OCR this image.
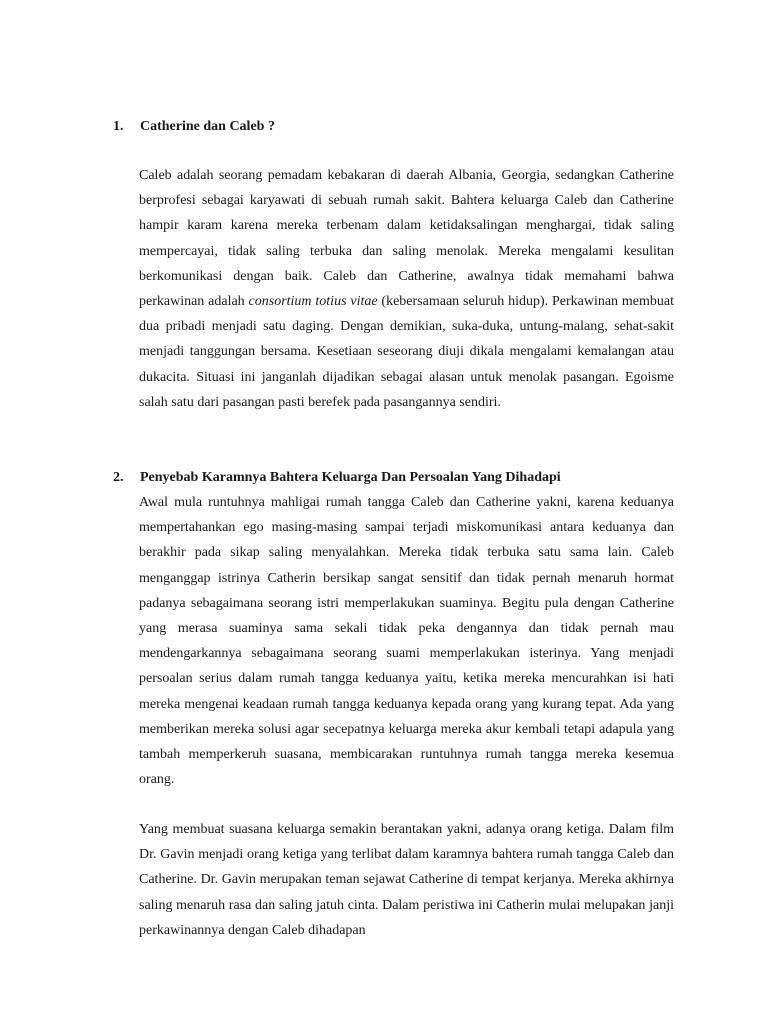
1. Catherine dan Caleb ?

Caleb adalah seorang pemadam kebakaran di daerah Albania, Georgia, sedangkan Catherine berprofesi sebagai karyawati di sebuah rumah sakit. Bahtera keluarga Caleb dan Catherine hampir karam karena mereka terbenam dalam ketidaksalingan menghargai, tidak saling mempercayai, tidak saling terbuka dan saling menolak. Mereka mengalami kesulitan berkomunikasi dengan baik. Caleb dan Catherine, awalnya tidak memahami bahwa perkawinan adalah consortium totius vitae (kebersamaan seluruh hidup). Perkawinan membuat dua pribadi menjadi satu daging. Dengan demikian, suka-duka, untung-malang, sehat-sakit menjadi tanggungan bersama. Kesetiaan seseorang diuji dikala mengalami kemalangan atau dukacita. Situasi ini janganlah dijadikan sebagai alasan untuk menolak pasangan. Egoisme salah satu dari pasangan pasti berefek pada pasangannya sendiri.

2. Penyebab Karamnya Bahtera Keluarga Dan Persoalan Yang Dihadapi

Awal mula runtuhnya mahligai rumah tangga Caleb dan Catherine yakni, karena keduanya mempertahankan ego masing-masing sampai terjadi miskomunikasi antara keduanya dan berakhir pada sikap saling menyalahkan. Mereka tidak terbuka satu sama lain. Caleb menganggap istrinya Catherin bersikap sangat sensitif dan tidak pernah menaruh hormat padanya sebagaimana seorang istri memperlakukan suaminya. Begitu pula dengan Catherine yang merasa suaminya sama sekali tidak peka dengannya dan tidak pernah mau mendengarkannya sebagaimana seorang suami memperlakukan isterinya. Yang menjadi persoalan serius dalam rumah tangga keduanya yaitu, ketika mereka mencurahkan isi hati mereka mengenai keadaan rumah tangga keduanya kepada orang yang kurang tepat. Ada yang memberikan mereka solusi agar secepatnya keluarga mereka akur kembali tetapi adapula yang tambah memperkeruh suasana, membicarakan runtuhnya rumah tangga mereka kesemua orang.

Yang membuat suasana keluarga semakin berantakan yakni, adanya orang ketiga. Dalam film Dr. Gavin menjadi orang ketiga yang terlibat dalam karamnya bahtera rumah tangga Caleb dan Catherine. Dr. Gavin merupakan teman sejawat Catherine di tempat kerjanya. Mereka akhirnya saling menaruh rasa dan saling jatuh cinta. Dalam peristiwa ini Catherin mulai melupakan janji perkawinannya dengan Caleb dihadapan
